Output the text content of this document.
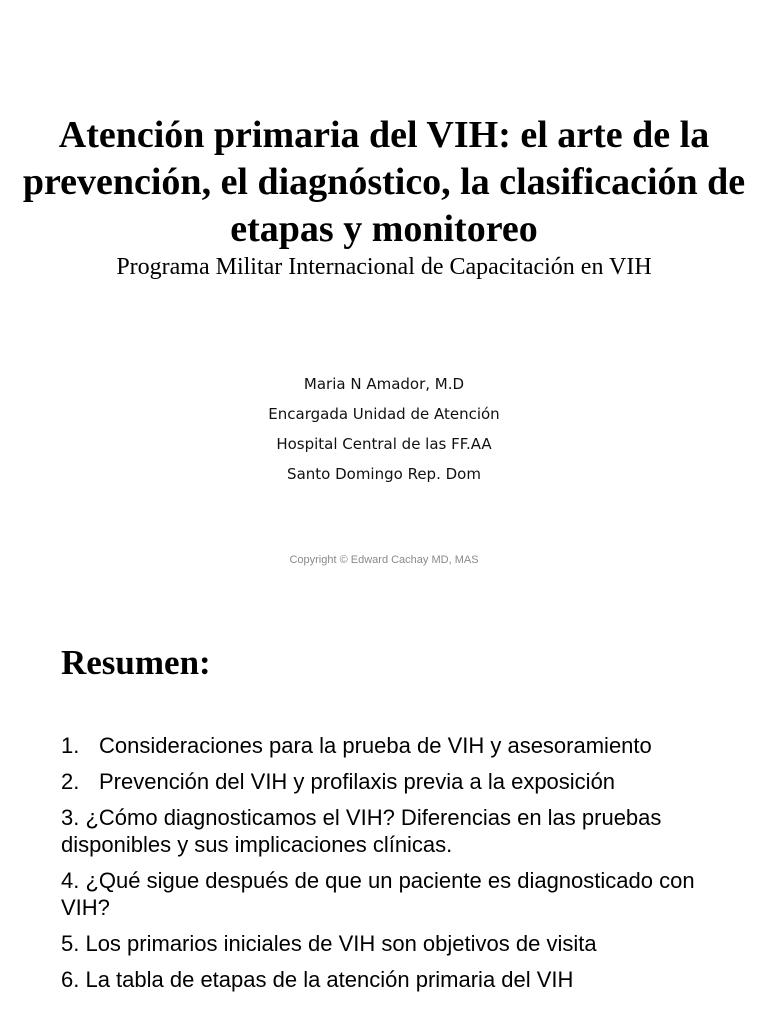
Atención primaria del VIH: el arte de la prevención, el diagnóstico, la clasificación de etapas y monitoreo
Programa Militar Internacional de Capacitación en VIH
Maria N Amador, M.D
Encargada Unidad de Atención
Hospital Central de las FF.AA
Santo Domingo Rep. Dom
Copyright © Edward Cachay MD, MAS
Resumen:
1. Consideraciones para la prueba de VIH y asesoramiento
2. Prevención del VIH y profilaxis previa a la exposición
3. ¿Cómo diagnosticamos el VIH? Diferencias en las pruebas disponibles y sus implicaciones clínicas.
4. ¿Qué sigue después de que un paciente es diagnosticado con VIH?
5. Los primarios iniciales de VIH son objetivos de visita
6. La tabla de etapas de la atención primaria del VIH
